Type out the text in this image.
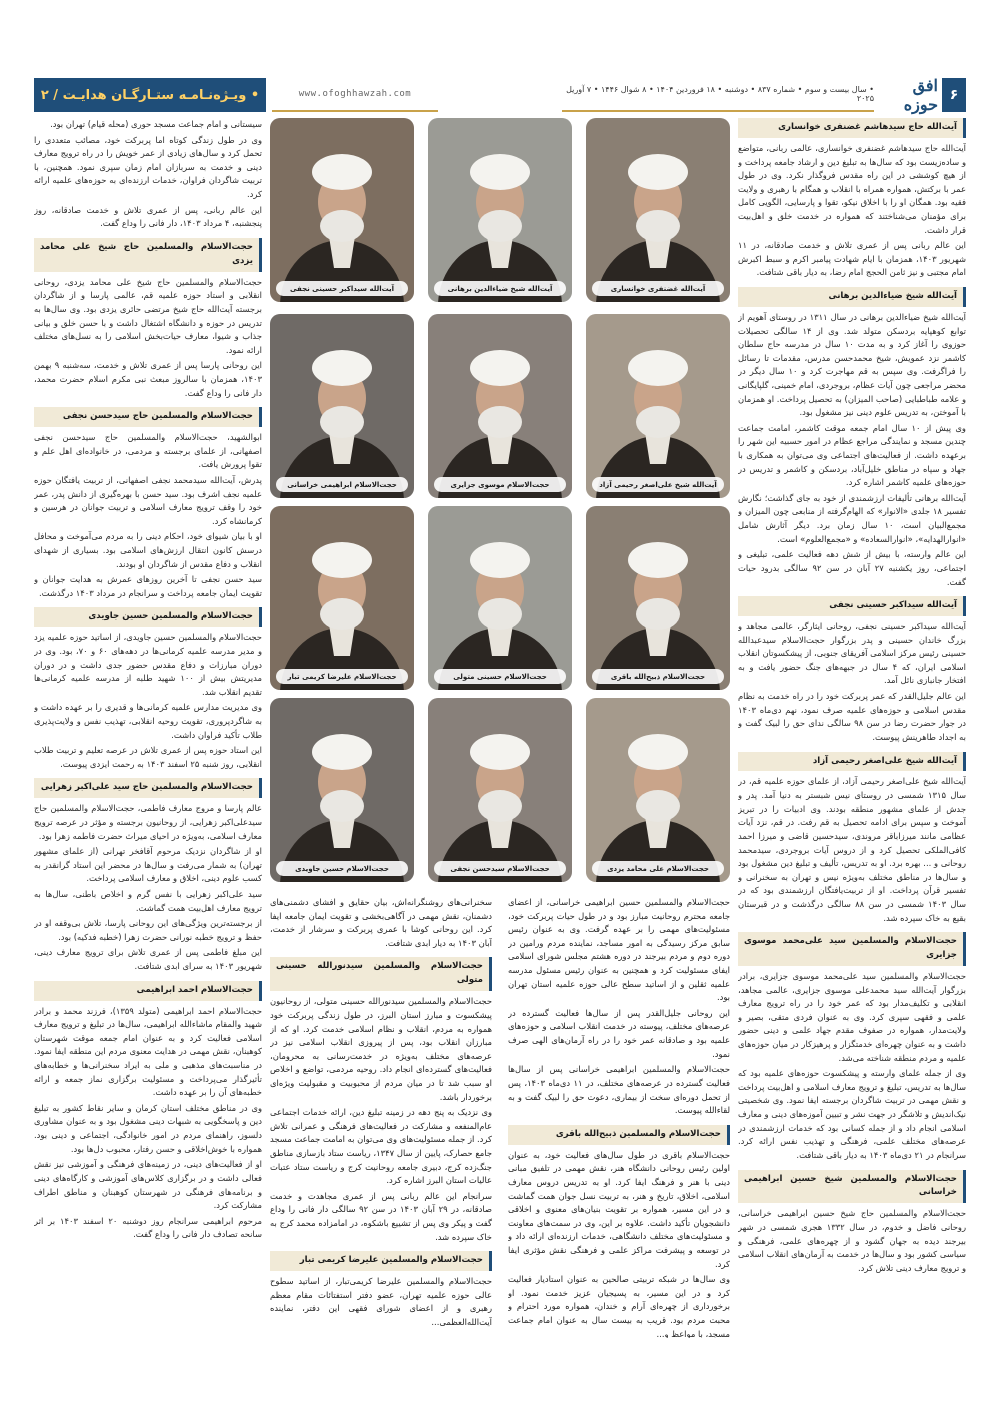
۶
افق حوزه
• سال بیست و سوم • شماره ۸۳۷ • دوشنبه • ۱۸ فروردین ۱۴۰۴ • ۸ شوال ۱۴۴۶ • ۷ آوریل ۲۰۲۵
www.ofoghhawzah.com
• ویـژه‌نـامـه ستـارگـان هدایـت / ۲
آیت‌الله حاج سیدهاشم غضنفری خوانساری

آیت‌الله حاج سیدهاشم غضنفری خوانساری، عالمی ربانی، متواضع و ساده‌زیست بود که سال‌ها به تبلیغ دین و ارشاد جامعه پرداخت و از هیچ کوششی در این راه مقدس فروگذار نکرد. وی در طول عمر با برکتش، همواره همراه با انقلاب و همگام با رهبری و ولایت فقیه بود. همگان او را با اخلاق نیکو، تقوا و پارسایی، الگویی کامل برای مؤمنان می‌شناختند که همواره در خدمت خلق و اهل‌بیت قرار داشت.

این عالم ربانی پس از عمری تلاش و خدمت صادقانه، در ۱۱ شهریور ۱۴۰۳، همزمان با ایام شهادت پیامبر اکرم و سبط اکبرش امام مجتبی و نیز ثامن الحجج امام رضا، به دیار باقی شتافت.

آیت‌الله شیخ ضیاءالدین برهانی

آیت‌الله شیخ ضیاءالدین برهانی در سال ۱۳۱۱ در روستای آهویم از توابع کوهپایه بردسکن متولد شد. وی از ۱۴ سالگی تحصیلات حوزوی را آغاز کرد و به مدت ۱۰ سال در مدرسه حاج سلطان کاشمر نزد عمویش، شیخ محمدحسن مدرس، مقدمات تا رسائل را فراگرفت. وی سپس به قم مهاجرت کرد و ۱۰ سال دیگر در محضر مراجعی چون آیات عظام، بروجردی، امام خمینی، گلپایگانی و علامه طباطبایی (صاحب المیزان) به تحصیل پرداخت. او همزمان با آموختن، به تدریس علوم دینی نیز مشغول بود.

وی پیش از ۱۰ سال امام جمعه موقت کاشمر، امامت جماعت چندین مسجد و نمایندگی مراجع عظام در امور حسبیه این شهر را برعهده داشت. از فعالیت‌های اجتماعی وی می‌توان به همکاری با جهاد و سپاه در مناطق خلیل‌آباد، بردسکن و کاشمر و تدریس در حوزه‌های علمیه کاشمر اشاره کرد.

آیت‌الله برهانی تألیفات ارزشمندی از خود به جای گذاشت؛ نگارش تفسیر ۱۸ جلدی «الانوار» که الهام‌گرفته از منابعی چون المیزان و مجمع‌البیان است، ۱۰ سال زمان برد. دیگر آثارش شامل «انوارالهدایه»، «انوارالسعاده» و «مجمع‌العلوم» است.

این عالم وارسته، با بیش از شش دهه فعالیت علمی، تبلیغی و اجتماعی، روز یکشنبه ۲۷ آبان در سن ۹۲ سالگی بدرود حیات گفت.

آیت‌الله سیداکبر حسینی نجفی

آیت‌الله سیداکبر حسینی نجفی، روحانی ایثارگر، عالمی مجاهد و بزرگ خاندان حسینی و پدر بزرگوار حجت‌الاسلام سیدعبدالله حسینی رئیس مرکز اسلامی آفریقای جنوبی، از پیشکسوتان انقلاب اسلامی ایران، که ۴ سال در جبهه‌های جنگ حضور یافت و به افتخار جانبازی نائل آمد.

این عالم جلیل‌القدر که عمر پربرکت خود را در راه خدمت به نظام مقدس اسلامی و حوزه‌های علمیه صرف نمود، نهم دی‌ماه ۱۴۰۳ در جوار حضرت رضا در سن ۹۸ سالگی ندای حق را لبیک گفت و به اجداد طاهرینش پیوست.

آیت‌الله شیخ علی‌اصغر رحیمی آزاد

آیت‌الله شیخ علی‌اصغر رحیمی آزاد، از علمای حوزه علمیه قم، در سال ۱۳۱۵ شمسی در روستای نیس شبستر به دنیا آمد. پدر و جدش از علمای مشهور منطقه بودند. وی ادبیات را در تبریز آموخت و سپس برای ادامه تحصیل به قم رفت. در قم، نزد آیات عظامی مانند میرزاباقر مروندی، سیدحسین قاضی و میرزا احمد کافی‌الملکی تحصیل کرد و از دروس آیات بروجردی، سیدمحمد روحانی و ... بهره برد. او به تدریس، تألیف و تبلیغ دین مشغول بود و سال‌ها در مناطق مختلف به‌ویژه نیس و تهران به سخنرانی و تفسیر قرآن پرداخت. او از تربیت‌یافتگان ارزشمندی بود که در سال ۱۴۰۳ شمسی در سن ۸۸ سالگی درگذشت و در قبرستان بقیع به خاک سپرده شد.

حجت‌الاسلام والمسلمین سید علی‌محمد موسوی جزایری

حجت‌الاسلام والمسلمین سید علی‌محمد موسوی جزایری، برادر بزرگوار آیت‌الله سید محمدعلی موسوی جزایری، عالمی مجاهد، انقلابی و تکلیف‌مدار بود که عمر خود را در راه ترویج معارف علمی و فقهی سپری کرد. وی به عنوان فردی متقی، بصیر و ولایت‌مدار، همواره در صفوف مقدم جهاد علمی و دینی حضور داشت و به عنوان چهره‌ای خدمتگزار و پرهیزکار در میان حوزه‌های علمیه و مردم منطقه شناخته می‌شد.

وی از جمله علمای وارسته و پیشکسوت حوزه‌های علمیه بود که سال‌ها به تدریس، تبلیغ و ترویج معارف اسلامی و اهل‌بیت پرداخت و نقش مهمی در تربیت شاگردان برجسته ایفا نمود. وی شخصیتی نیک‌اندیش و تلاشگر در جهت نشر و تبیین آموزه‌های دینی و معارف اسلامی انجام داد و از جمله کسانی بود که خدمات ارزشمندی در عرصه‌های مختلف علمی، فرهنگی و تهذیب نفس ارائه کرد. سرانجام در ۲۱ دی‌ماه ۱۴۰۳ به دیار باقی شتافت.

حجت‌الاسلام والمسلمین شیخ حسین ابراهیمی خراسانی

حجت‌الاسلام والمسلمین حاج شیخ حسین ابراهیمی خراسانی، روحانی فاضل و خدوم، در سال ۱۳۳۲ هجری شمسی در شهر بیرجند دیده به جهان گشود و از چهره‌های علمی، فرهنگی و سیاسی کشور بود و سال‌ها در خدمت به آرمان‌های انقلاب اسلامی و ترویج معارف دینی تلاش کرد.

سیستانی و امام جماعت مسجد حوری (محله قیام) تهران بود.

وی در طول زندگی کوتاه اما پربرکت خود، مصائب متعددی را تحمل کرد و سال‌های زیادی از عمر خویش را در راه ترویج معارف دینی و خدمت به سربازان امام زمان سپری نمود. همچنین، با تربیت شاگردان فراوان، خدمات ارزنده‌ای به حوزه‌های علمیه ارائه کرد.

این عالم ربانی، پس از عمری تلاش و خدمت صادقانه، روز پنجشنبه، ۴ مرداد ۱۴۰۳، دار فانی را وداع گفت.

حجت‌الاسلام والمسلمین حاج شیخ علی محامد یزدی

حجت‌الاسلام والمسلمین حاج شیخ علی محامد یزدی، روحانی انقلابی و استاد حوزه علمیه قم، عالمی پارسا و از شاگردان برجسته آیت‌الله حاج شیخ مرتضی حائری یزدی بود. وی سال‌ها به تدریس در حوزه و دانشگاه اشتغال داشت و با حسن خلق و بیانی جذاب و شیوا، معارف حیات‌بخش اسلامی را به نسل‌های مختلف ارائه نمود.

این روحانی پارسا پس از عمری تلاش و خدمت، سه‌شنبه ۹ بهمن ۱۴۰۳، همزمان با سالروز مبعث نبی مکرم اسلام حضرت محمد، دار فانی را وداع گفت.

حجت‌الاسلام والمسلمین حاج سیدحسن نجفی

ابوالشهید، حجت‌الاسلام والمسلمین حاج سیدحسن نجفی اصفهانی، از علمای برجسته و مردمی، در خانواده‌ای اهل علم و تقوا پرورش یافت.

پدرش، آیت‌الله سیدمحمد نجفی اصفهانی، از تربیت یافتگان حوزه علمیه نجف اشرف بود. سید حسن با بهره‌گیری از دانش پدر، عمر خود را وقف ترویج معارف اسلامی و تربیت جوانان در هرسین و کرمانشاه کرد.

او با بیان شیوای خود، احکام دینی را به مردم می‌آموخت و محافل درسش کانون انتقال ارزش‌های اسلامی بود. بسیاری از شهدای انقلاب و دفاع مقدس از شاگردان او بودند.

سید حسن نجفی تا آخرین روزهای عمرش به هدایت جوانان و تقویت ایمان جامعه پرداخت و سرانجام در مرداد ۱۴۰۳ درگذشت.

حجت‌الاسلام والمسلمین حسین جاویدی

حجت‌الاسلام والمسلمین حسین جاویدی، از اساتید حوزه علمیه یزد و مدیر مدرسه علمیه کرمانی‌ها در دهه‌های ۶۰ و ۷۰، بود. وی در دوران مبارزات و دفاع مقدس حضور جدی داشت و در دوران مدیریتش بیش از ۱۰۰ شهید طلبه از مدرسه علمیه کرمانی‌ها تقدیم انقلاب شد.

وی مدیریت مدارس علمیه کرمانی‌ها و قدیری را بر عهده داشت و به شاگردپروری، تقویت روحیه انقلابی، تهذیب نفس و ولایت‌پذیری طلاب تأکید فراوان داشت.

این استاد حوزه پس از عمری تلاش در عرصه تعلیم و تربیت طلاب انقلابی، روز شنبه ۲۵ اسفند ۱۴۰۳ به رحمت ایزدی پیوست.

حجت‌الاسلام والمسلمین حاج سید علی‌اکبر زهرایی

عالم پارسا و مروج معارف فاطمی، حجت‌الاسلام والمسلمین حاج سیدعلی‌اکبر زهرایی، از روحانیون برجسته و مؤثر در عرصه ترویج معارف اسلامی، به‌ویژه در احیای میراث حضرت فاطمه زهرا بود.

او از شاگردان نزدیک مرحوم آقافخر تهرانی (از علمای مشهور تهران) به شمار می‌رفت و سال‌ها در محضر این استاد گرانقدر به کسب علوم دینی، اخلاق و معارف اسلامی پرداخت.

سید علی‌اکبر زهرایی با نفس گرم و اخلاص باطنی، سال‌ها به ترویج معارف اهل‌بیت همت گماشت.

از برجسته‌ترین ویژگی‌های این روحانی پارسا، تلاش بی‌وقفه او در حفظ و ترویج خطبه نورانی حضرت زهرا (خطبه فدکیه) بود.

این مبلغ فاطمی پس از عمری تلاش برای ترویج معارف دینی، شهریور ۱۴۰۳ به سرای ابدی شتافت.

حجت‌الاسلام احمد ابراهیمی

حجت‌الاسلام احمد ابراهیمی (متولد ۱۳۵۹)، فرزند محمد و برادر شهید والمقام ماشاءالله ابراهیمی، سال‌ها در تبلیغ و ترویج معارف اسلامی فعالیت کرد و به عنوان امام جمعه موقت شهرستان کوهبنان، نقش مهمی در هدایت معنوی مردم این منطقه ایفا نمود. در مناسبت‌های مذهبی و ملی به ایراد سخنرانی‌ها و خطابه‌های تأثیرگذار می‌پرداخت و مسئولیت برگزاری نماز جمعه و ارائه خطبه‌های آن را بر عهده داشت.

وی در مناطق مختلف استان کرمان و سایر نقاط کشور به تبلیغ دین و پاسخگویی به شبهات دینی مشغول بود و به عنوان مشاوری دلسوز، راهنمای مردم در امور خانوادگی، اجتماعی و دینی بود. همواره با خوش‌اخلاقی و حسن رفتار، محبوب دل‌ها بود.

او از فعالیت‌های دینی، در زمینه‌های فرهنگی و آموزشی نیز نقش فعالی داشت و در برگزاری کلاس‌های آموزشی و کارگاه‌های دینی و برنامه‌های فرهنگی در شهرستان کوهبنان و مناطق اطراف مشارکت کرد.

مرحوم ابراهیمی سرانجام روز دوشنبه ۲۰ اسفند ۱۴۰۳ بر اثر سانحه تصادف دار فانی را وداع گفت.

آیت‌الله غضنفری خوانساری
آیت‌الله شیخ ضیاءالدین برهانی
آیت‌الله سیداکبر حسینی نجفی
آیت‌الله شیخ علی‌اصغر رحیمی آزاد
حجت‌الاسلام موسوی جزایری
حجت‌الاسلام ابراهیمی خراسانی
حجت‌الاسلام ذبیح‌الله باقری
حجت‌الاسلام حسینی متولی
حجت‌الاسلام علیرضا کریمی تبار
حجت‌الاسلام علی محامد یزدی
حجت‌الاسلام سیدحسن نجفی
حجت‌الاسلام حسین جاویدی

حجت‌الاسلام والمسلمین حسین ابراهیمی خراسانی، از اعضای جامعه محترم روحانیت مبارز بود و در طول حیات پربرکت خود، مسئولیت‌های مهمی را بر عهده گرفت. وی به عنوان رئیس سابق مرکز رسیدگی به امور مساجد، نماینده مردم ورامین در دوره دوم و مردم بیرجند در دوره هشتم مجلس شورای اسلامی ایفای مسئولیت کرد و همچنین به عنوان رئیس مسئول مدرسه علمیه ثقلین و از اساتید سطح عالی حوزه علمیه استان تهران بود.

این روحانی جلیل‌القدر پس از سال‌ها فعالیت گسترده در عرصه‌های مختلف، پیوسته در خدمت انقلاب اسلامی و حوزه‌های علمیه بود و صادقانه عمر خود را در راه آرمان‌های الهی صرف نمود.

حجت‌الاسلام والمسلمین ابراهیمی خراسانی پس از سال‌ها فعالیت گسترده در عرصه‌های مختلف، در ۱۱ دی‌ماه ۱۴۰۳، پس از تحمل دوره‌ای سخت از بیماری، دعوت حق را لبیک گفت و به لقاءالله پیوست.

حجت‌الاسلام والمسلمین ذبیح‌الله باقری

حجت‌الاسلام باقری در طول سال‌های فعالیت خود، به عنوان اولین رئیس روحانی دانشگاه هنر، نقش مهمی در تلفیق مبانی دینی با هنر و فرهنگ ایفا کرد. او به تدریس دروس معارف اسلامی، اخلاق، تاریخ و هنر، به تربیت نسل جوان همت گماشت و در این مسیر، همواره بر تقویت بنیان‌های معنوی و اخلاقی دانشجویان تأکید داشت. علاوه بر این، وی در سمت‌های معاونت و مسئولیت‌های مختلف دانشگاهی، خدمات ارزنده‌ای ارائه داد و در توسعه و پیشرفت مراکز علمی و فرهنگی نقش مؤثری ایفا کرد.

وی سال‌ها در شبکه تربیتی صالحین به عنوان استادیار فعالیت کرد و در این مسیر، به پسیجیان عزیز خدمت نمود. او برخورداری از چهره‌ای آرام و خندان، همواره مورد احترام و محبت مردم بود. قریب به بیست سال به عنوان امام جماعت مسجد، با مواعظ و...

سخنرانی‌های روشنگرانه‌اش، بیان حقایق و افشای دشمنی‌های دشمنان، نقش مهمی در آگاهی‌بخشی و تقویت ایمان جامعه ایفا کرد. این روحانی کوشا با عمری پربرکت و سرشار از خدمت، آبان ۱۴۰۳ به دیار ابدی شتافت.

حجت‌الاسلام والمسلمین سیدنورالله حسینی متولی

حجت‌الاسلام والمسلمین سیدنورالله حسینی متولی، از روحانیون پیشکسوت و مبارز استان البرز، در طول زندگی پربرکت خود همواره به مردم، انقلاب و نظام اسلامی خدمت کرد. او که از مبارزان انقلاب بود، پس از پیروزی انقلاب اسلامی نیز در عرصه‌های مختلف به‌ویژه در خدمت‌رسانی به محرومان، فعالیت‌های گسترده‌ای انجام داد. روحیه مردمی، تواضع و اخلاص او سبب شد تا در میان مردم از محبوبیت و مقبولیت ویژه‌ای برخوردار باشد.

وی نزدیک به پنج دهه در زمینه تبلیغ دین، ارائه خدمات اجتماعی عام‌المنفعه و مشارکت در فعالیت‌های فرهنگی و عمرانی تلاش کرد. از جمله مسئولیت‌های وی می‌توان به امامت جماعت مسجد جامع حصارک، پایین از سال ۱۳۴۷، ریاست ستاد بازسازی مناطق جنگ‌زده کرج، دبیری جامعه روحانیت کرج و ریاست ستاد عتبات عالیات استان البرز اشاره کرد.

سرانجام این عالم ربانی پس از عمری مجاهدت و خدمت صادقانه، در ۲۹ آبان ۱۴۰۳ در سن ۹۲ سالگی دار فانی را وداع گفت و پیکر وی پس از تشییع باشکوه، در امامزاده محمد کرج به خاک سپرده شد.

حجت‌الاسلام والمسلمین علیرضا کریمی تبار

حجت‌الاسلام والمسلمین علیرضا کریمی‌تبار، از اساتید سطوح عالی حوزه علمیه تهران، عضو دفتر استفتائات مقام معظم رهبری و از اعضای شورای فقهی این دفتر، نماینده آیت‌الله‌العظمی...
